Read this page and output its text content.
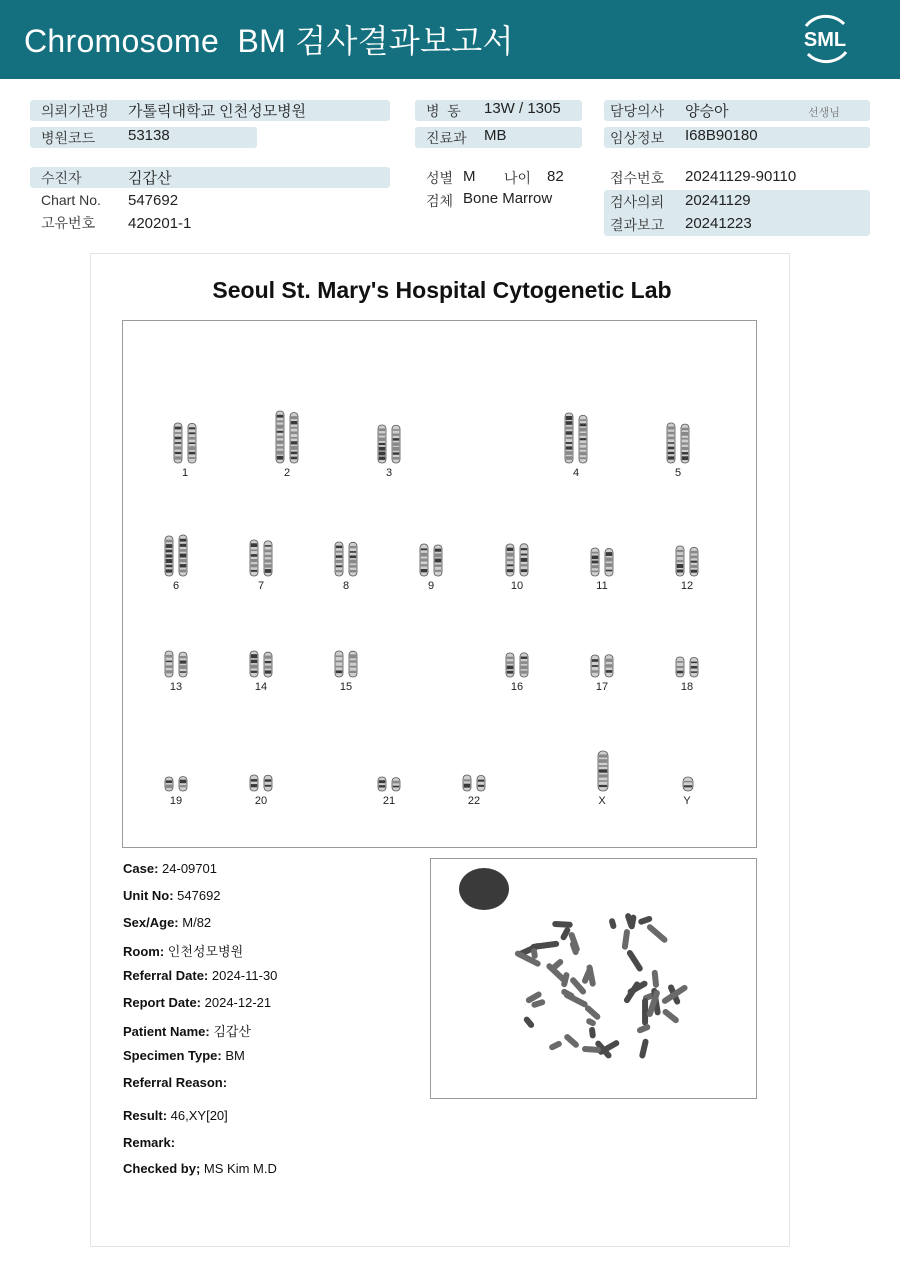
Chromosome  BM 검사결과보고서	SML
의뢰기관명 가톨릭대학교 인천성모병원
병원코드 53138
수진자	김갑산
Chart No. 547692
고유번호 420201-1
병  동 13W / 1305
진료과 MB
성별 M 나이 82
검체 Bone Marrow
담당의사 양승아	선생님
임상정보 I68B90180
접수번호 20241129-90110
검사의뢰 20241129
결과보고 20241223
Seoul St. Mary's Hospital Cytogenetic Lab
1	2	3	4	5
6	7	8	9	10	11	12
13	14	15	16	17	18
19	20	21	22	X	Y
Case: 24-09701
Unit No: 547692
Sex/Age: M/82
Room: 인천성모병원
Referral Date: 2024-11-30
Report Date: 2024-12-21
Patient Name: 김갑산
Specimen Type: BM
Referral Reason:
Result: 46,XY[20]
Remark:
Checked by; MS Kim M.D
